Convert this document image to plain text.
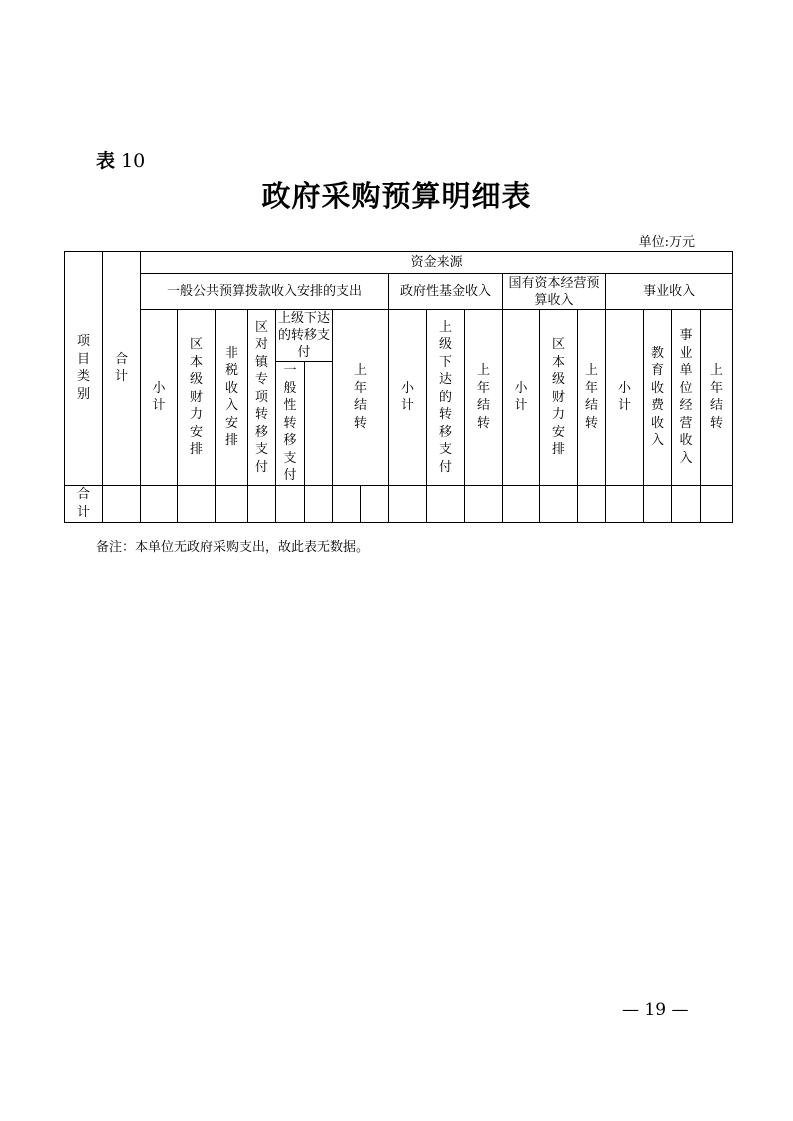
表 10
政府采购预算明细表
单位:万元
项目类别	合计	资金来源																		
		一般公共预算拨款收入安排的支出								政府性基金收入			国有资本经营预算收入			事业收入	
		小计	区本级财力安排	非税收入安排	区对镇专项转移支付	上级下达的转移支付		上年结转		小计	上级下达的转移支付	上年结转	小计	区本级财力安排	上年结转	小计	教育收费收入	事业单位经营收入	上年结转	
						一般性转移支付														
合计																				
备注：本单位无政府采购支出，故此表无数据。
— 19 —
